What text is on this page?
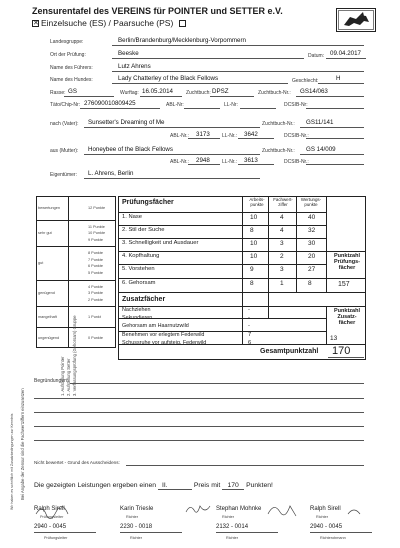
Zensurentafel des VEREINS für POINTER und SETTER e.V.
✕Einzelsuche (ES) / Paarsuche (PS)
Landesgruppe:	Berlin/Brandenburg/Mecklenburg-Vorpommern
Ort der Prüfung:	Beeske	Datum: 09.04.2017
Name des Führers:	Lutz Ahrens
Name des Hundes:	Lady Chatterley of the Black Fellows	Geschlecht:	H
Rasse: GS	Wurftag: 16.05.2014	Zuchtbuch: DPSZ	Zuchtbuch-Nr.: GS14/063
Täto/Chip-Nr: 276090010809425	ABL-Nr:	LL-Nr:	DCSIB-Nr:
nach (Vater): Sunsetter's Dreaming of Me	Zuchtbuch-Nr.: GS11/141
ABL-Nr.: 3173 LL-Nr.: 3642	DCSIB-Nr.:
aus (Mutter): Honeybee of the Black Fellows	Zuchtbuch-Nr.: GS 14/009
ABL-Nr.: 2948 LL-Nr.: 3613	DCSIB-Nr.:
Eigentümer: L. Ahrens, Berlin
Bei Angabe der Zensur sind die Fachwertziffern einzusetzen
Wir haben es schriftlich mit Zusatzbedingungen zur Kenntnis
1. Aufstellung Pointer 2. Aufstellung Setter 3. Verfassungsprüfung (Gehorsam) Gruppe
Prüfungsfächer	Arbeits-
punkte
Fachwert-
ziffer
Wertungs-
punkte
1. Nase	10	4	40
2. Stil der Suche	8	4	32
3. Schnelligkeit und Ausdauer	10	3	30
4. Kopfhaltung	10	2	20
5. Vorstehen	9	3	27
6. Gehorsam	8	1	8
Punktzahl
Prüfungs-
fächer
157
Zusatzfächer
Nachziehen	-
Sekundieren	-
Gehorsam am Haarnutzwild	-
Benehmen vor erlegtem Federwild	7
Schussruhe vor aufsteig. Federwild	6
Punktzahl
Zusatz-
fächer
13
Gesamtpunktzahl 170
Begründungen:
Nicht bewertet - Grund des Ausscheidens:
Die gezeigten Leistungen ergeben einen II.	Preis mit 170 Punkten!
Ralph Sirell
Prüfungsleiter
2940 - 0045
Prüfungsleiter
Karin Triesle
Richter
2230 - 0018
Richter
Stephan Mohnke
Richter
2132 - 0014
Richter
Ralph Sirell
Richter
2940 - 0045
Richterobmann
bewertungen	12 Punkte
sehr gut
11 Punkte
10 Punkte
9 Punkte
gut
8 Punkte
7 Punkte
6 Punkte
5 Punkte
genügend
4 Punkte
3 Punkte
2 Punkte
mangelhaft	1 Punkt
ungenügend	0 Punkte
